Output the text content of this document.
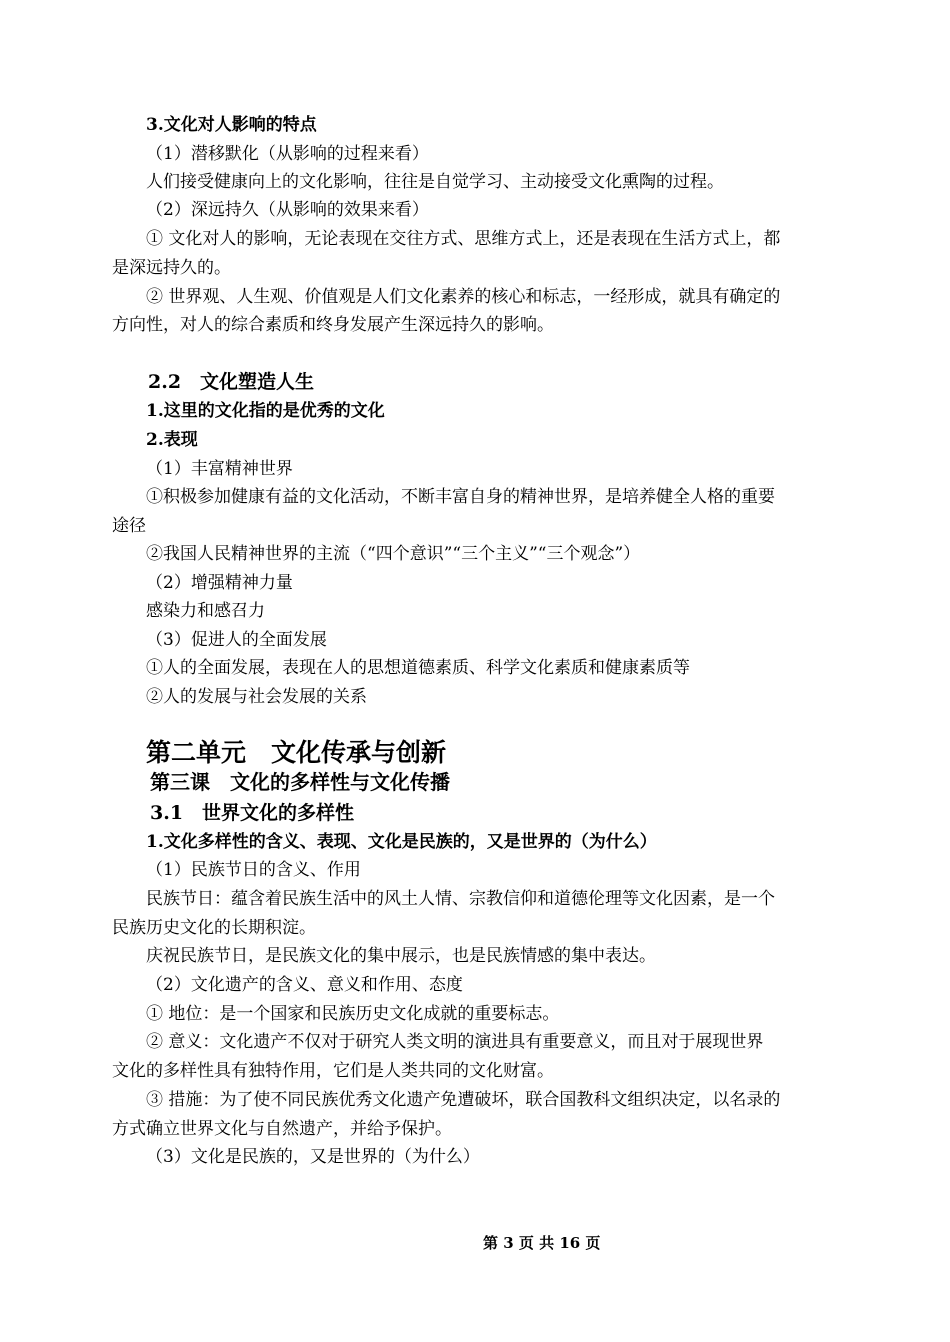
3.文化对人影响的特点
（1）潜移默化（从影响的过程来看）
人们接受健康向上的文化影响，往往是自觉学习、主动接受文化熏陶的过程。
（2）深远持久（从影响的效果来看）
① 文化对人的影响，无论表现在交往方式、思维方式上，还是表现在生活方式上，都
是深远持久的。
② 世界观、人生观、价值观是人们文化素养的核心和标志，一经形成，就具有确定的
方向性，对人的综合素质和终身发展产生深远持久的影响。
2.2　文化塑造人生
1.这里的文化指的是优秀的文化
2.表现
（1）丰富精神世界
①积极参加健康有益的文化活动，不断丰富自身的精神世界，是培养健全人格的重要
途径
②我国人民精神世界的主流（“四个意识”“三个主义”“三个观念”）
（2）增强精神力量
感染力和感召力
（3）促进人的全面发展
①人的全面发展，表现在人的思想道德素质、科学文化素质和健康素质等
②人的发展与社会发展的关系
第二单元　文化传承与创新
第三课　文化的多样性与文化传播
3.1　世界文化的多样性
1.文化多样性的含义、表现、文化是民族的，又是世界的（为什么）
（1）民族节日的含义、作用
民族节日：蕴含着民族生活中的风土人情、宗教信仰和道德伦理等文化因素，是一个
民族历史文化的长期积淀。
庆祝民族节日，是民族文化的集中展示，也是民族情感的集中表达。
（2）文化遗产的含义、意义和作用、态度
① 地位：是一个国家和民族历史文化成就的重要标志。
② 意义：文化遗产不仅对于研究人类文明的演进具有重要意义，而且对于展现世界
文化的多样性具有独特作用，它们是人类共同的文化财富。
③ 措施：为了使不同民族优秀文化遗产免遭破坏，联合国教科文组织决定，以名录的
方式确立世界文化与自然遗产，并给予保护。
（3）文化是民族的，又是世界的（为什么）
第 3 页 共 16 页
